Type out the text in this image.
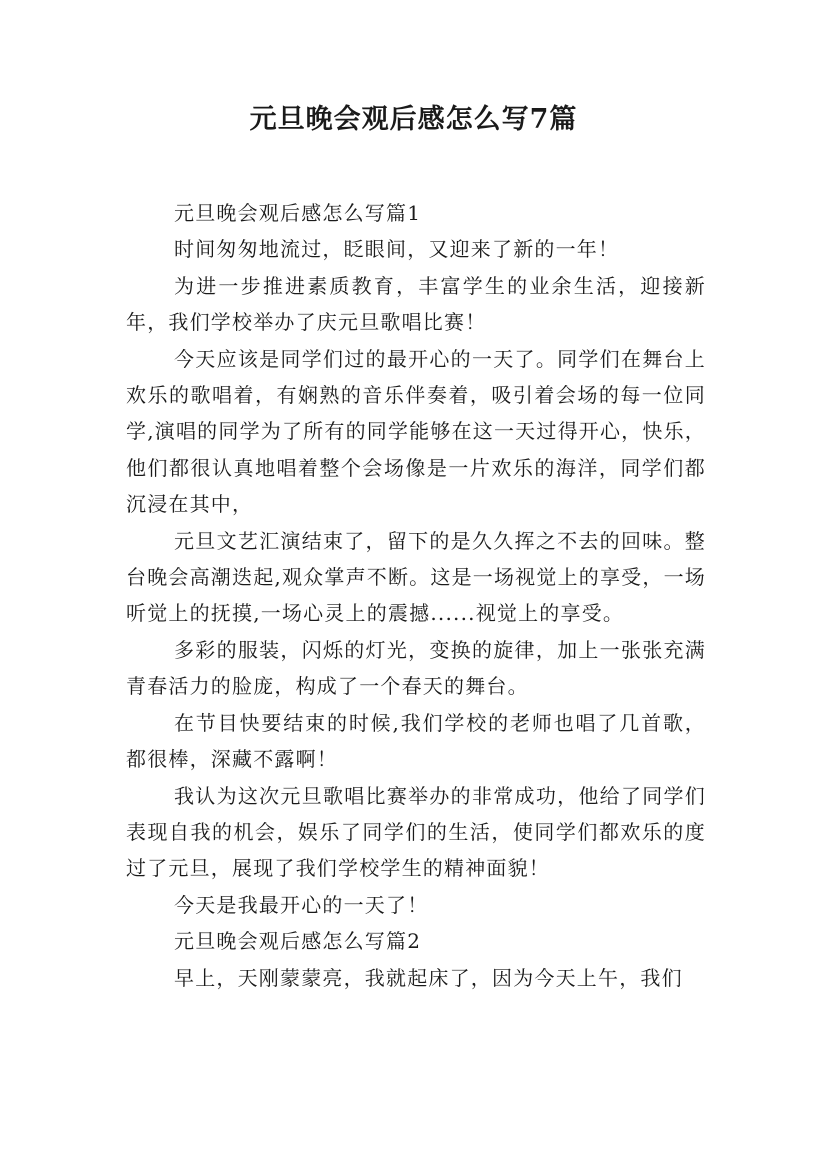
元旦晚会观后感怎么写7篇

元旦晚会观后感怎么写篇1

时间匆匆地流过，眨眼间，又迎来了新的一年！

为进一步推进素质教育，丰富学生的业余生活，迎接新年，我们学校举办了庆元旦歌唱比赛！

今天应该是同学们过的最开心的一天了。同学们在舞台上欢乐的歌唱着，有娴熟的音乐伴奏着，吸引着会场的每一位同学,演唱的同学为了所有的同学能够在这一天过得开心，快乐，他们都很认真地唱着整个会场像是一片欢乐的海洋，同学们都沉浸在其中，

元旦文艺汇演结束了，留下的是久久挥之不去的回味。整台晚会高潮迭起,观众掌声不断。这是一场视觉上的享受，一场听觉上的抚摸,一场心灵上的震撼......视觉上的享受。

多彩的服装，闪烁的灯光，变换的旋律，加上一张张充满青春活力的脸庞，构成了一个春天的舞台。

在节目快要结束的时候,我们学校的老师也唱了几首歌，都很棒，深藏不露啊！

我认为这次元旦歌唱比赛举办的非常成功，他给了同学们表现自我的机会，娱乐了同学们的生活，使同学们都欢乐的度过了元旦，展现了我们学校学生的精神面貌！

今天是我最开心的一天了！

元旦晚会观后感怎么写篇2

早上，天刚蒙蒙亮，我就起床了，因为今天上午，我们
